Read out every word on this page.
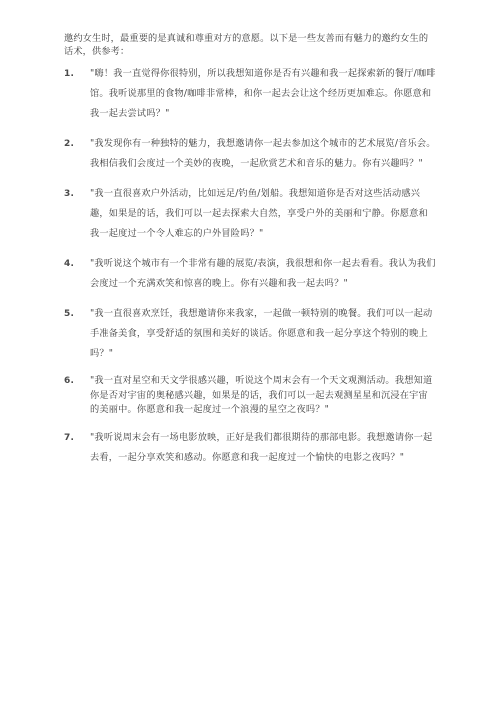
邀约女生时，最重要的是真诚和尊重对方的意愿。以下是一些友善而有魅力的邀约女生的话术，供参考：

1. "嗨！我一直觉得你很特别，所以我想知道你是否有兴趣和我一起探索新的餐厅/咖啡馆。我听说那里的食物/咖啡非常棒，和你一起去会让这个经历更加难忘。你愿意和我一起去尝试吗？"
2. "我发现你有一种独特的魅力，我想邀请你一起去参加这个城市的艺术展览/音乐会。我相信我们会度过一个美妙的夜晚，一起欣赏艺术和音乐的魅力。你有兴趣吗？"
3. "我一直很喜欢户外活动，比如远足/钓鱼/划船。我想知道你是否对这些活动感兴趣，如果是的话，我们可以一起去探索大自然，享受户外的美丽和宁静。你愿意和我一起度过一个令人难忘的户外冒险吗？"
4. "我听说这个城市有一个非常有趣的展览/表演，我很想和你一起去看看。我认为我们会度过一个充满欢笑和惊喜的晚上。你有兴趣和我一起去吗？"
5. "我一直很喜欢烹饪，我想邀请你来我家，一起做一顿特别的晚餐。我们可以一起动手准备美食，享受舒适的氛围和美好的谈话。你愿意和我一起分享这个特别的晚上吗？"
6. "我一直对星空和天文学很感兴趣，听说这个周末会有一个天文观测活动。我想知道你是否对宇宙的奥秘感兴趣，如果是的话，我们可以一起去观测星星和沉浸在宇宙的美丽中。你愿意和我一起度过一个浪漫的星空之夜吗？"
7. "我听说周末会有一场电影放映，正好是我们都很期待的那部电影。我想邀请你一起去看，一起分享欢笑和感动。你愿意和我一起度过一个愉快的电影之夜吗？"
